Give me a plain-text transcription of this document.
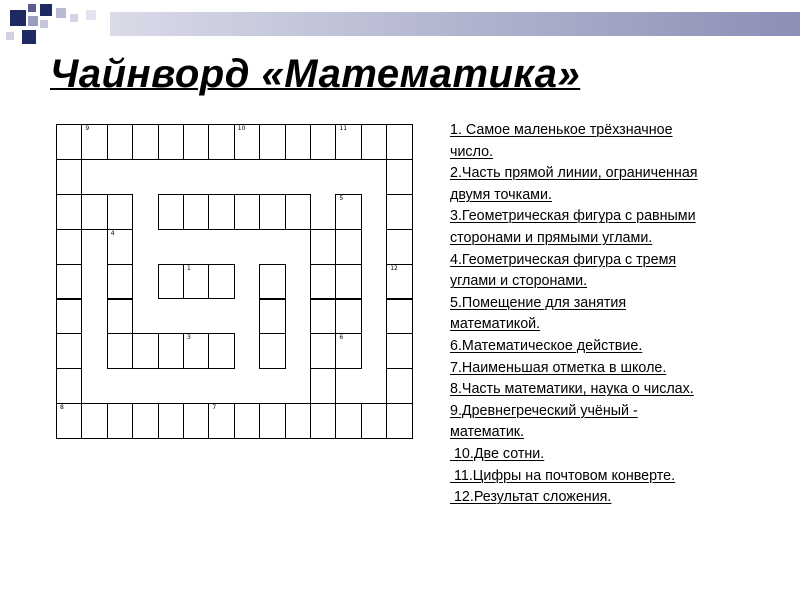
Чайнворд «Математика»
9	10	11
5
4
1	12
3	6
8	7
1. Самое маленькое трёхзначное
число.
2.Часть прямой линии, ограниченная
двумя точками.
3.Геометрическая фигура с равными
сторонами и прямыми углами.
4.Геометрическая фигура с тремя
углами и сторонами.
5.Помещение для занятия
математикой.
6.Математическое действие.
7.Наименьшая отметка в школе.
8.Часть математики, наука о числах.
9.Древнегреческий учёный -
математик.
10.Две сотни.
11.Цифры на почтовом конверте.
12.Результат сложения.
